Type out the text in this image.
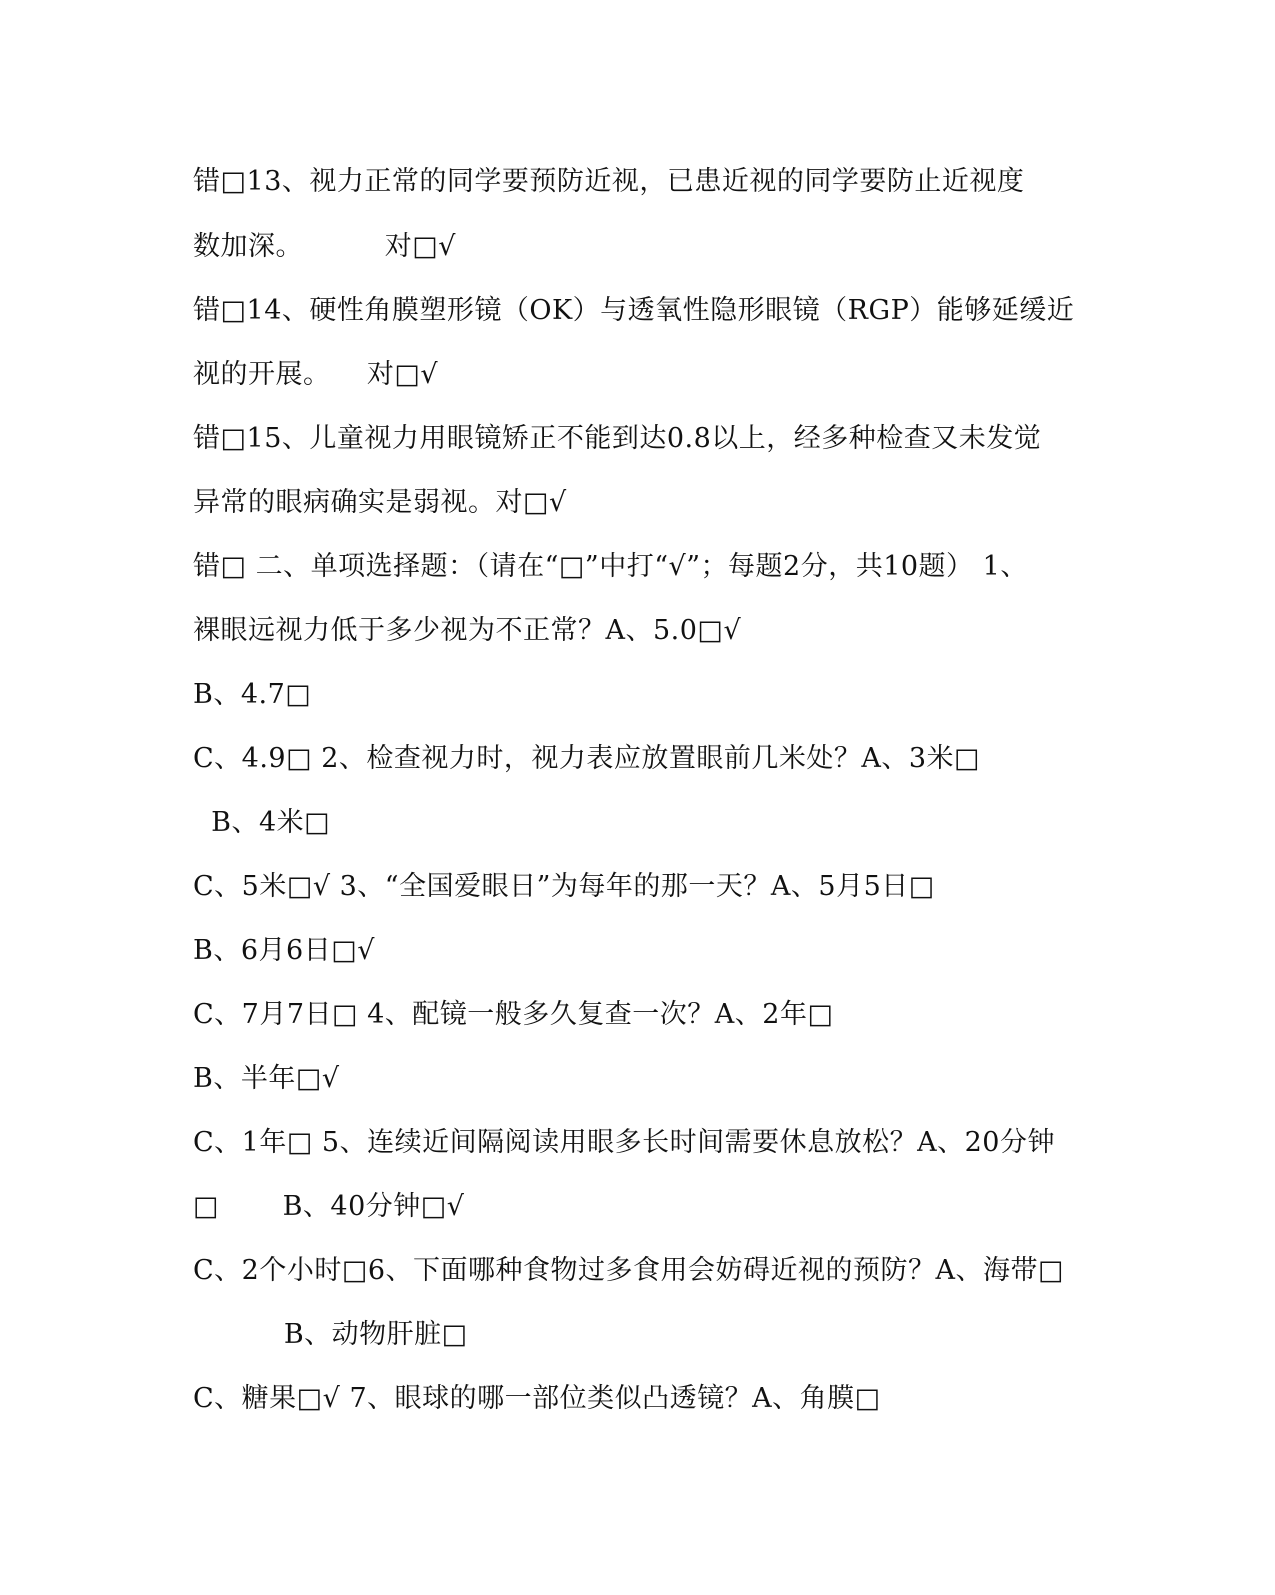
错□13、视力正常的同学要预防近视，已患近视的同学要防止近视度
数加深。         对□√
错□14、硬性角膜塑形镜（OK）与透氧性隐形眼镜（RGP）能够延缓近
视的开展。    对□√
错□15、儿童视力用眼镜矫正不能到达0.8以上，经多种检查又未发觉
异常的眼病确实是弱视。对□√
错□ 二、单项选择题：（请在“□”中打“√”；每题2分，共10题） 1、
裸眼远视力低于多少视为不正常？A、5.0□√
B、4.7□
C、4.9□ 2、检查视力时，视力表应放置眼前几米处？A、3米□
B、4米□
C、5米□√ 3、“全国爱眼日”为每年的那一天？A、5月5日□
B、6月6日□√
C、7月7日□ 4、配镜一般多久复查一次？A、2年□
B、半年□√
C、1年□ 5、连续近间隔阅读用眼多长时间需要休息放松？A、20分钟
□       B、40分钟□√
C、2个小时□6、下面哪种食物过多食用会妨碍近视的预防？A、海带□
B、动物肝脏□
C、糖果□√ 7、眼球的哪一部位类似凸透镜？A、角膜□
